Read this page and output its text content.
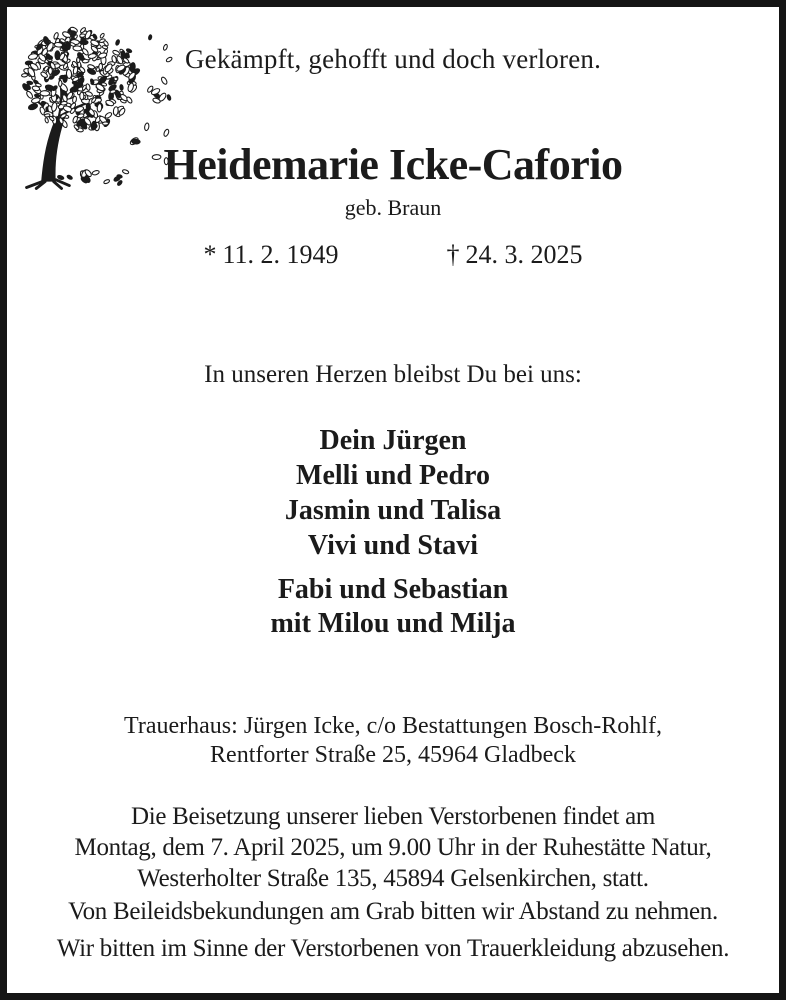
Gekämpft, gehofft und doch verloren.
Heidemarie Icke-Caforio
geb. Braun
* 11. 2. 1949	† 24. 3. 2025
In unseren Herzen bleibst Du bei uns:
Dein Jürgen
Melli und Pedro
Jasmin und Talisa
Vivi und Stavi
Fabi und Sebastian
mit Milou und Milja
Trauerhaus: Jürgen Icke, c/o Bestattungen Bosch-Rohlf,
Rentforter Straße 25, 45964 Gladbeck
Die Beisetzung unserer lieben Verstorbenen findet am
Montag, dem 7. April 2025, um 9.00 Uhr in der Ruhestätte Natur,
Westerholter Straße 135, 45894 Gelsenkirchen, statt.
Von Beileidsbekundungen am Grab bitten wir Abstand zu nehmen.
Wir bitten im Sinne der Verstorbenen von Trauerkleidung abzusehen.
